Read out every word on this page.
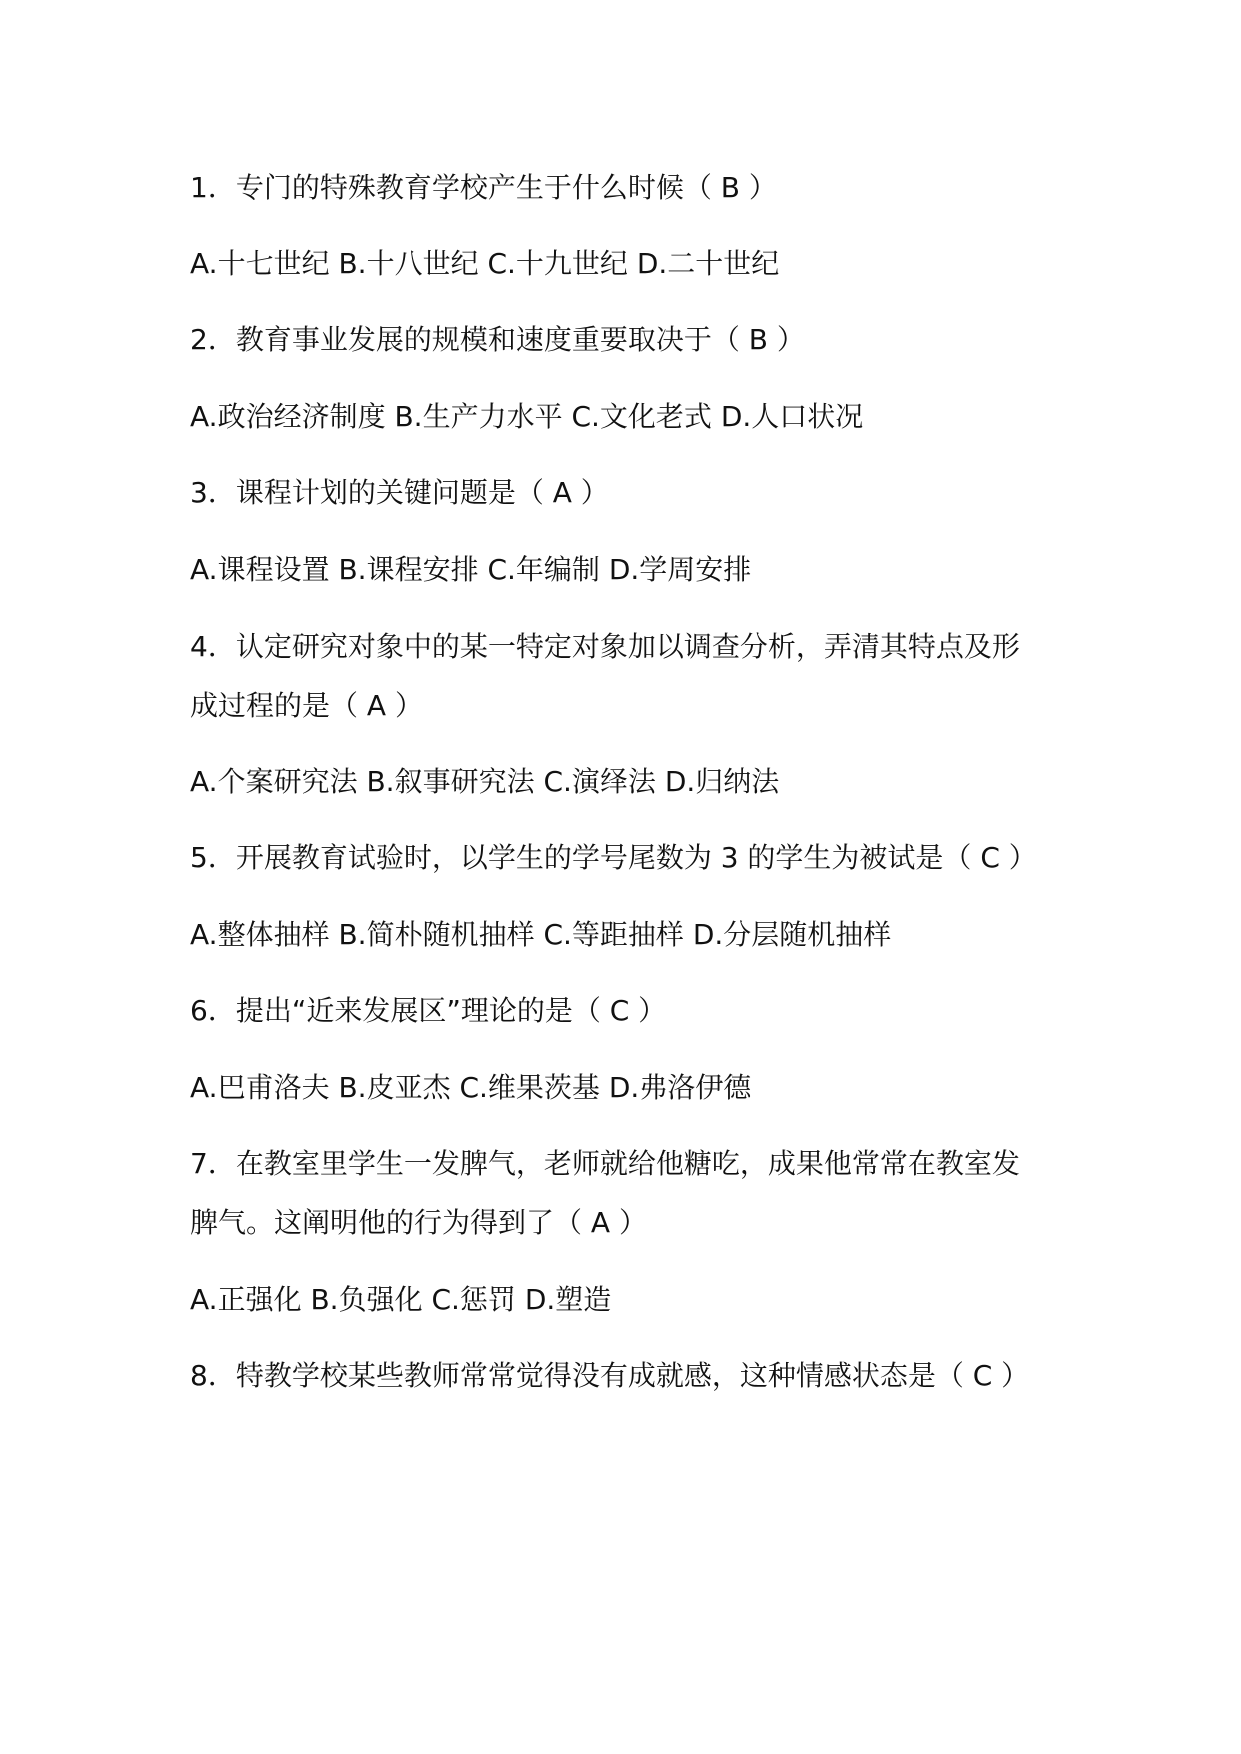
1．专门的特殊教育学校产生于什么时候（ B ）

A.十七世纪 B.十八世纪 C.十九世纪 D.二十世纪

2．教育事业发展的规模和速度重要取决于（ B ）

A.政治经济制度 B.生产力水平 C.文化老式 D.人口状况

3．课程计划的关键问题是（ A ）

A.课程设置 B.课程安排 C.年编制 D.学周安排

4．认定研究对象中的某一特定对象加以调查分析，弄清其特点及形

成过程的是（ A ）

A.个案研究法 B.叙事研究法 C.演绎法 D.归纳法

5．开展教育试验时，以学生的学号尾数为 3 的学生为被试是（ C ）

A.整体抽样 B.简朴随机抽样 C.等距抽样 D.分层随机抽样

6．提出“近来发展区”理论的是（ C ）

A.巴甫洛夫 B.皮亚杰 C.维果茨基 D.弗洛伊德

7．在教室里学生一发脾气，老师就给他糖吃，成果他常常在教室发

脾气。这阐明他的行为得到了（ A ）

A.正强化 B.负强化 C.惩罚 D.塑造

8．特教学校某些教师常常觉得没有成就感，这种情感状态是（ C ）
